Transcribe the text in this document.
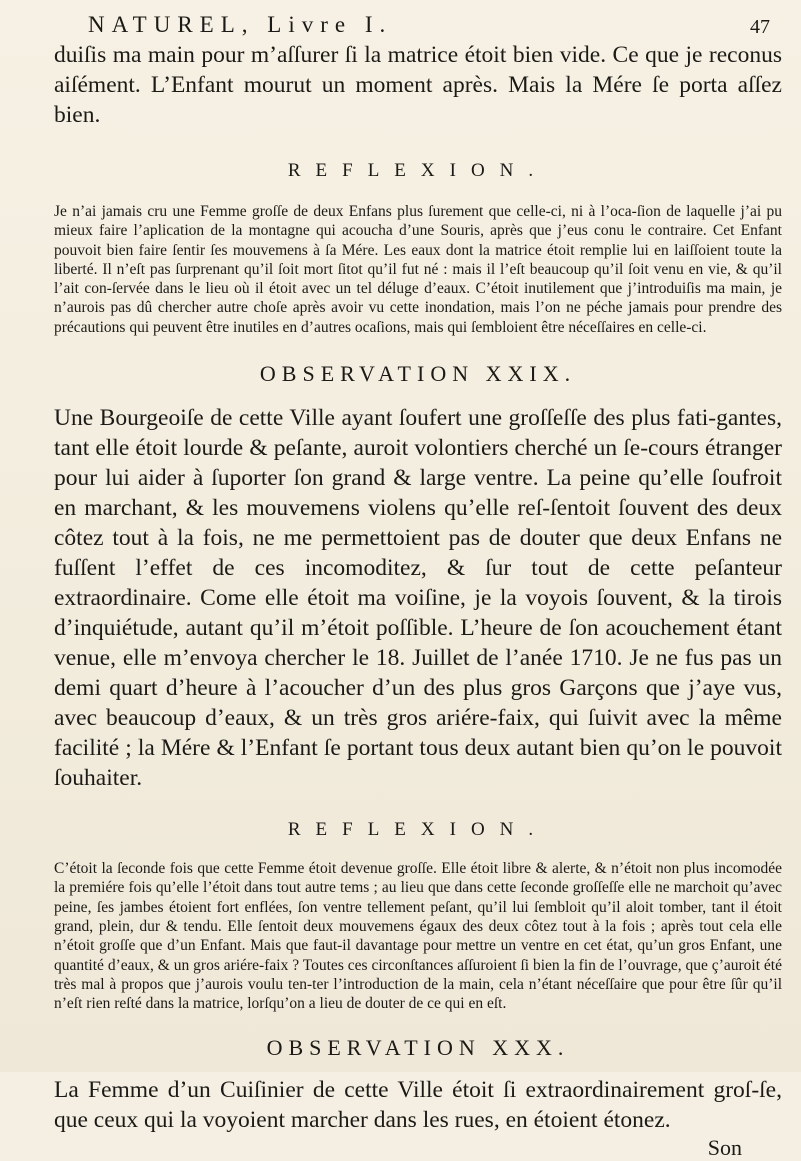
NATUREL, Livre I.	47

duiſis ma main pour m’aſſurer ſi la matrice étoit bien vide. Ce que je reconus aiſément. L’Enfant mourut un moment après. Mais la Mére ſe porta aſſez bien.

REFLEXION.

Je n’ai jamais cru une Femme groſſe de deux Enfans plus ſurement que celle-ci, ni à l’oca-ſion de laquelle j’ai pu mieux faire l’aplication de la montagne qui acoucha d’une Souris, après que j’eus conu le contraire. Cet Enfant pouvoit bien faire ſentir ſes mouvemens à ſa Mére. Les eaux dont la matrice étoit remplie lui en laiſſoient toute la liberté. Il n’eſt pas ſurprenant qu’il ſoit mort ſitot qu’il fut né : mais il l’eſt beaucoup qu’il ſoit venu en vie, & qu’il l’ait con-ſervée dans le lieu où il étoit avec un tel déluge d’eaux. C’étoit inutilement que j’introduiſis ma main, je n’aurois pas dû chercher autre choſe après avoir vu cette inondation, mais l’on ne péche jamais pour prendre des précautions qui peuvent être inutiles en d’autres ocaſions, mais qui ſembloient être néceſſaires en celle-ci.

OBSERVATION XXIX.

Une Bourgeoiſe de cette Ville ayant ſoufert une groſſeſſe des plus fati-gantes, tant elle étoit lourde & peſante, auroit volontiers cherché un ſe-cours étranger pour lui aider à ſuporter ſon grand & large ventre. La peine qu’elle ſoufroit en marchant, & les mouvemens violens qu’elle reſ-ſentoit ſouvent des deux côtez tout à la fois, ne me permettoient pas de douter que deux Enfans ne fuſſent l’effet de ces incomoditez, & ſur tout de cette peſanteur extraordinaire. Come elle étoit ma voiſine, je la voyois ſouvent, & la tirois d’inquiétude, autant qu’il m’étoit poſſible. L’heure de ſon acouchement étant venue, elle m’envoya chercher le 18. Juillet de l’anée 1710. Je ne fus pas un demi quart d’heure à l’acoucher d’un des plus gros Garçons que j’aye vus, avec beaucoup d’eaux, & un très gros ariére-faix, qui ſuivit avec la même facilité ; la Mére & l’Enfant ſe portant tous deux autant bien qu’on le pouvoit ſouhaiter.

REFLEXION.

C’étoit la ſeconde fois que cette Femme étoit devenue groſſe. Elle étoit libre & alerte, & n’étoit non plus incomodée la premiére fois qu’elle l’étoit dans tout autre tems ; au lieu que dans cette ſeconde groſſeſſe elle ne marchoit qu’avec peine, ſes jambes étoient fort enflées, ſon ventre tellement peſant, qu’il lui ſembloit qu’il aloit tomber, tant il étoit grand, plein, dur & tendu. Elle ſentoit deux mouvemens égaux des deux côtez tout à la fois ; après tout cela elle n’étoit groſſe que d’un Enfant. Mais que faut-il davantage pour mettre un ventre en cet état, qu’un gros Enfant, une quantité d’eaux, & un gros ariére-faix ? Toutes ces circonſtances aſſuroient ſi bien la fin de l’ouvrage, que ç’auroit été très mal à propos que j’aurois voulu ten-ter l’introduction de la main, cela n’étant néceſſaire que pour être ſûr qu’il n’eſt rien reſté dans la matrice, lorſqu’on a lieu de douter de ce qui en eſt.

OBSERVATION XXX.

La Femme d’un Cuiſinier de cette Ville étoit ſi extraordinairement groſ-ſe, que ceux qui la voyoient marcher dans les rues, en étoient étonez.

Son
